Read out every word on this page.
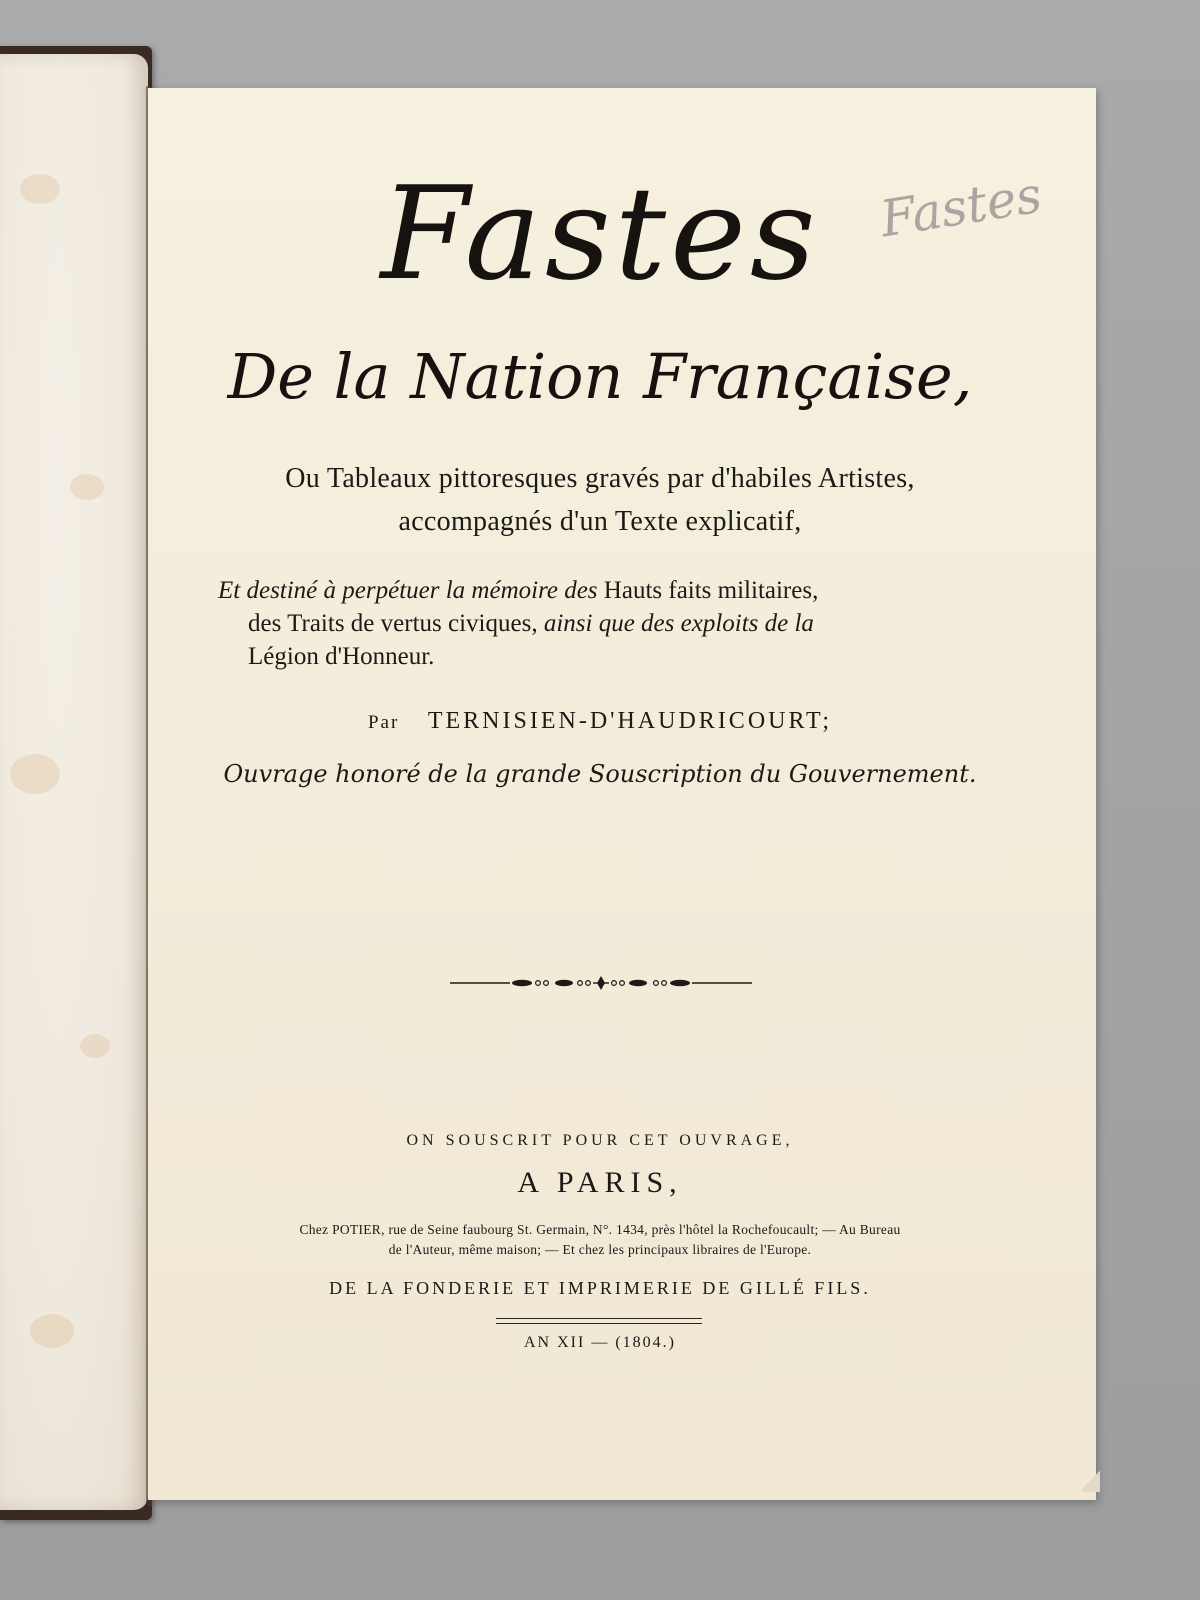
Fastes	Fastes
De la Nation Française,
Ou Tableaux pittoresques gravés par d'habiles Artistes,
accompagnés d'un Texte explicatif,
Et destiné à perpétuer la mémoire des Hauts faits militaires,
des Traits de vertus civiques, ainsi que des exploits de la
Légion d'Honneur.
Par TERNISIEN-D'HAUDRICOURT;
Ouvrage honoré de la grande Souscription du Gouvernement.
ON SOUSCRIT POUR CET OUVRAGE,
A PARIS,
Chez POTIER, rue de Seine faubourg St. Germain, N°. 1434, près l'hôtel la Rochefoucault; — Au Bureau
de l'Auteur, même maison; — Et chez les principaux libraires de l'Europe.
DE LA FONDERIE ET IMPRIMERIE DE GILLÉ FILS.
AN XII — (1804.)
